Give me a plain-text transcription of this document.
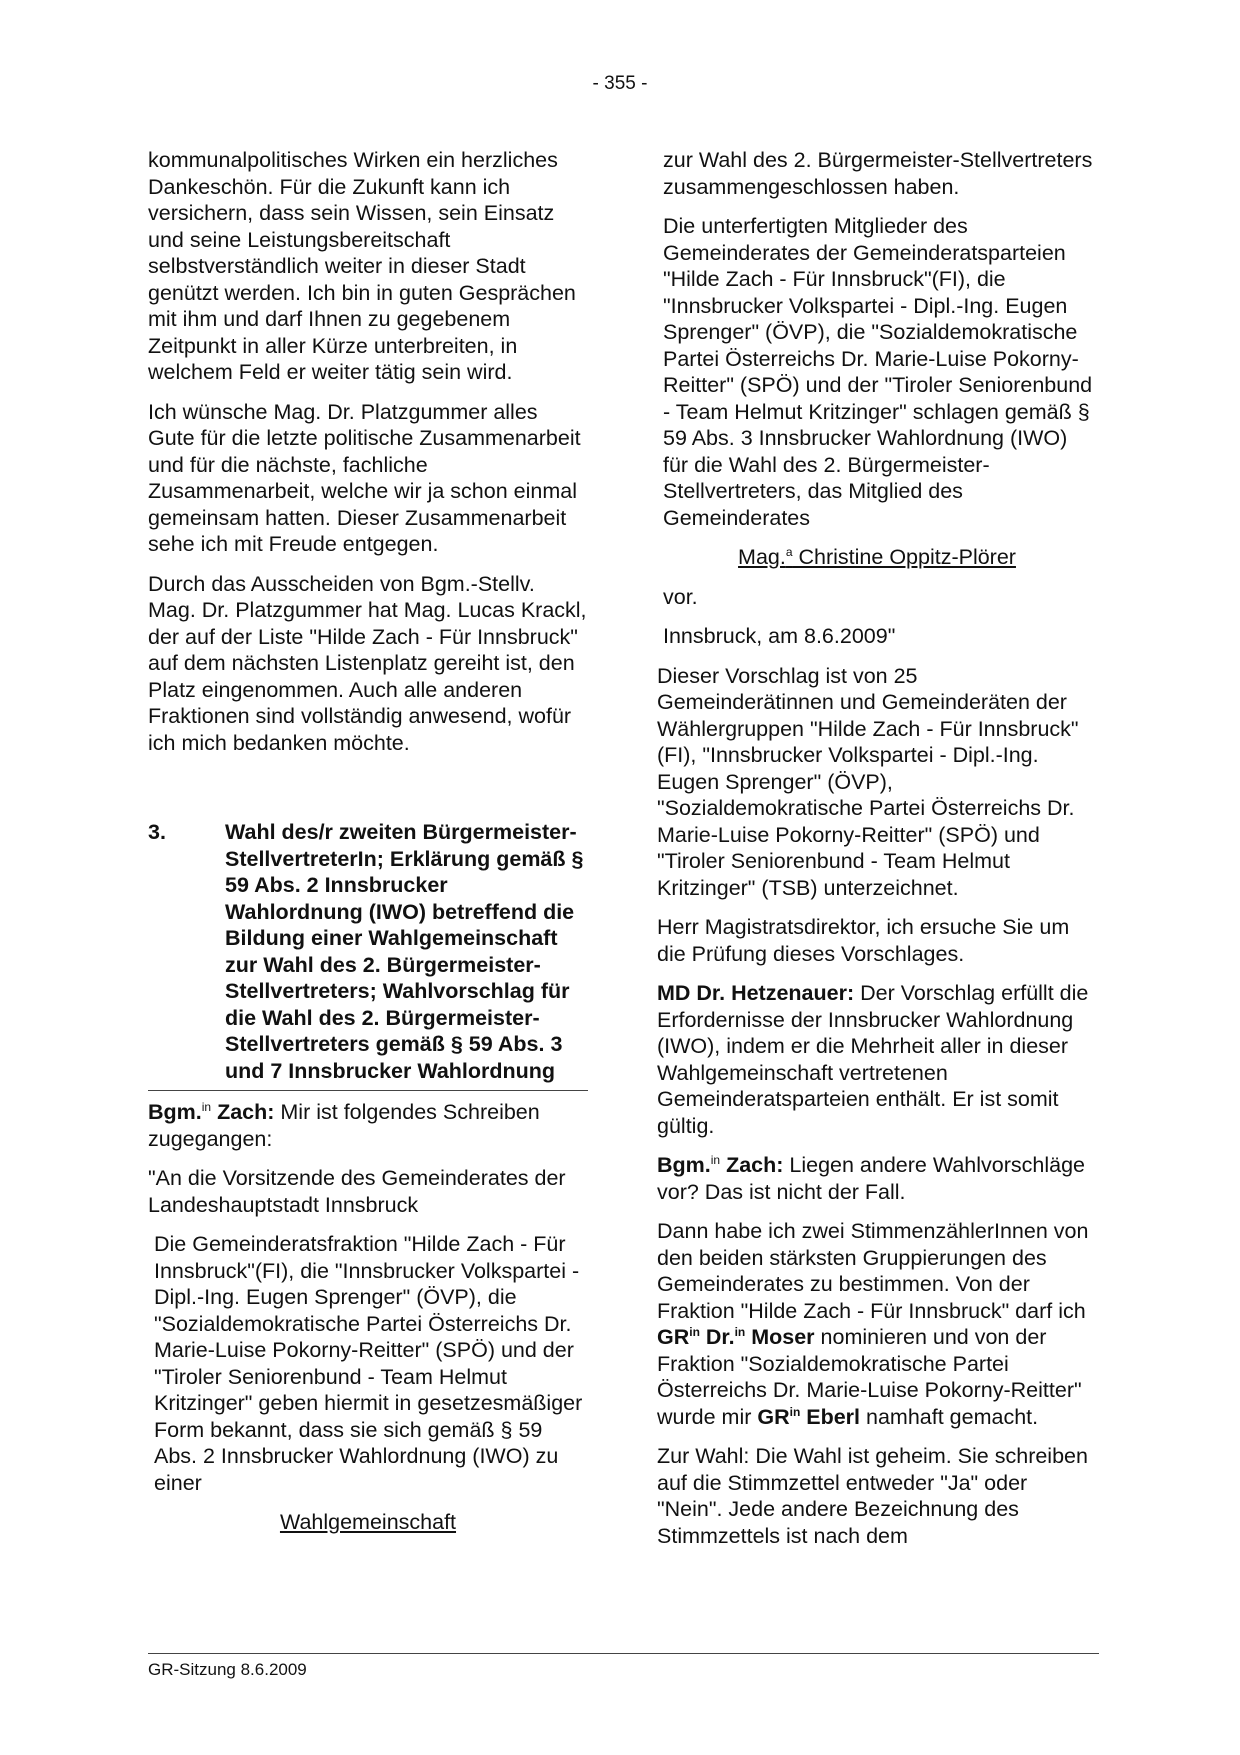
- 355 -

kommunalpolitisches Wirken ein herzliches Dankeschön. Für die Zukunft kann ich versichern, dass sein Wissen, sein Einsatz und seine Leistungsbereitschaft selbstverständlich weiter in dieser Stadt genützt werden. Ich bin in guten Gesprächen mit ihm und darf Ihnen zu gegebenem Zeitpunkt in aller Kürze unterbreiten, in welchem Feld er weiter tätig sein wird.

Ich wünsche Mag. Dr. Platzgummer alles Gute für die letzte politische Zusammenarbeit und für die nächste, fachliche Zusammenarbeit, welche wir ja schon einmal gemeinsam hatten. Dieser Zusammenarbeit sehe ich mit Freude entgegen.

Durch das Ausscheiden von Bgm.-Stellv. Mag. Dr. Platzgummer hat Mag. Lucas Krackl, der auf der Liste "Hilde Zach - Für Innsbruck" auf dem nächsten Listenplatz gereiht ist, den Platz eingenommen. Auch alle anderen Fraktionen sind vollständig anwesend, wofür ich mich bedanken möchte.

3.	Wahl des/r zweiten Bürgermeister-StellvertreterIn; Erklärung gemäß § 59 Abs. 2 Innsbrucker Wahlordnung (IWO) betreffend die Bildung einer Wahlgemeinschaft zur Wahl des 2. Bürgermeister-Stellvertreters; Wahlvorschlag für die Wahl des 2. Bürgermeister-Stellvertreters gemäß § 59 Abs. 3 und 7 Innsbrucker Wahlordnung

Bgm.$^{in}$ Zach: Mir ist folgendes Schreiben zugegangen:

"An die Vorsitzende des Gemeinderates der Landeshauptstadt Innsbruck

Die Gemeinderatsfraktion "Hilde Zach - Für Innsbruck"(FI), die "Innsbrucker Volkspartei - Dipl.-Ing. Eugen Sprenger" (ÖVP), die "Sozialdemokratische Partei Österreichs Dr. Marie-Luise Pokorny-Reitter" (SPÖ) und der "Tiroler Seniorenbund - Team Helmut Kritzinger" geben hiermit in gesetzesmäßiger Form bekannt, dass sie sich gemäß § 59 Abs. 2 Innsbrucker Wahlordnung (IWO) zu einer

Wahlgemeinschaft

zur Wahl des 2. Bürgermeister-Stellvertreters zusammengeschlossen haben.

Die unterfertigten Mitglieder des Gemeinderates der Gemeinderatsparteien "Hilde Zach - Für Innsbruck"(FI), die "Innsbrucker Volkspartei - Dipl.-Ing. Eugen Sprenger" (ÖVP), die "Sozialdemokratische Partei Österreichs Dr. Marie-Luise Pokorny-Reitter" (SPÖ) und der "Tiroler Seniorenbund - Team Helmut Kritzinger" schlagen gemäß § 59 Abs. 3 Innsbrucker Wahlordnung (IWO) für die Wahl des 2. Bürgermeister-Stellvertreters, das Mitglied des Gemeinderates

Mag.$^a$ Christine Oppitz-Plörer

vor.

Innsbruck, am 8.6.2009"

Dieser Vorschlag ist von 25 Gemeinderätinnen und Gemeinderäten der Wählergruppen "Hilde Zach - Für Innsbruck" (FI), "Innsbrucker Volkspartei - Dipl.-Ing. Eugen Sprenger" (ÖVP), "Sozialdemokratische Partei Österreichs Dr. Marie-Luise Pokorny-Reitter" (SPÖ) und "Tiroler Seniorenbund - Team Helmut Kritzinger" (TSB) unterzeichnet.

Herr Magistratsdirektor, ich ersuche Sie um die Prüfung dieses Vorschlages.

MD Dr. Hetzenauer: Der Vorschlag erfüllt die Erfordernisse der Innsbrucker Wahlordnung (IWO), indem er die Mehrheit aller in dieser Wahlgemeinschaft vertretenen Gemeinderatsparteien enthält. Er ist somit gültig.

Bgm.$^{in}$ Zach: Liegen andere Wahlvorschläge vor? Das ist nicht der Fall.

Dann habe ich zwei StimmenzählerInnen von den beiden stärksten Gruppierungen des Gemeinderates zu bestimmen. Von der Fraktion "Hilde Zach - Für Innsbruck" darf ich $GR^{in}$ Dr.$^{in}$ Moser nominieren und von der Fraktion "Sozialdemokratische Partei Österreichs Dr. Marie-Luise Pokorny-Reitter" wurde mir $GR^{in}$ Eberl namhaft gemacht.

Zur Wahl: Die Wahl ist geheim. Sie schreiben auf die Stimmzettel entweder "Ja" oder "Nein". Jede andere Bezeichnung des Stimmzettels ist nach dem

GR-Sitzung 8.6.2009
